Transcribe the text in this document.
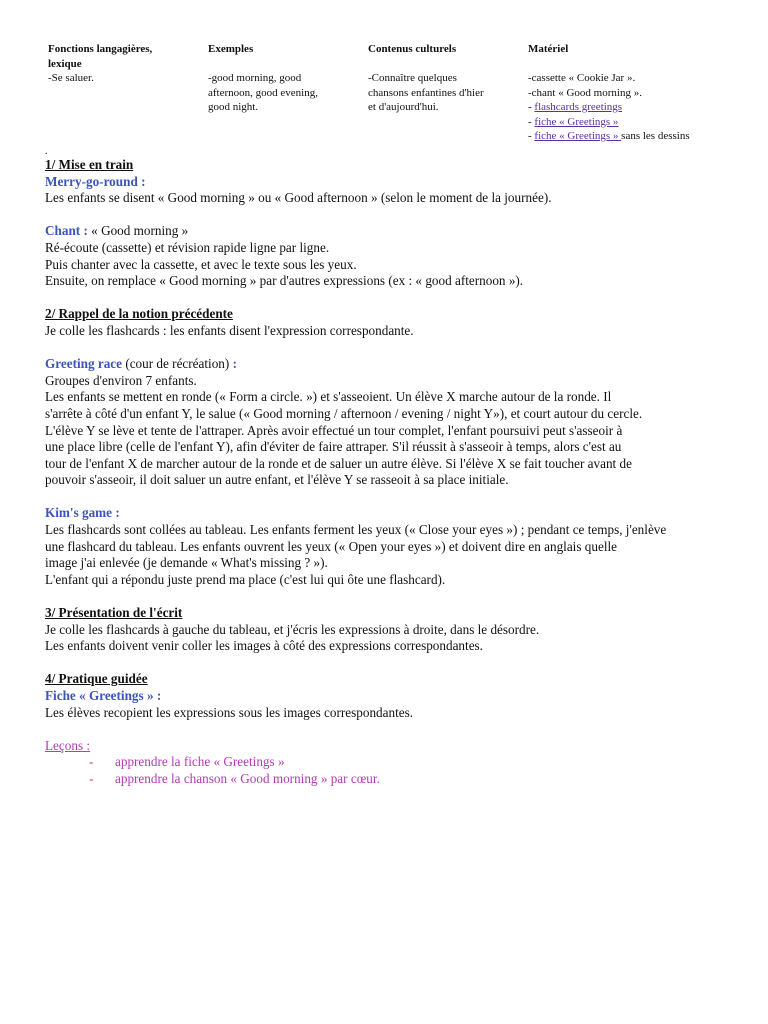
Fonctions langagières,
lexique
-Se saluer.
Exemples
-good morning, good
afternoon, good evening,
good night.
Contenus culturels
-Connaître quelques
chansons enfantines d'hier
et d'aujourd'hui.
Matériel
-cassette « Cookie Jar ».
-chant « Good morning ».
- flashcards greetings
- fiche « Greetings »
- fiche « Greetings » sans les dessins
.
1/ Mise en train
Merry-go-round :
Les enfants se disent « Good morning » ou « Good afternoon » (selon le moment de la journée).
Chant : « Good morning »
Ré-écoute (cassette) et révision rapide ligne par ligne.
Puis chanter avec la cassette, et avec le texte sous les yeux.
Ensuite, on remplace « Good morning » par d'autres expressions (ex : « good afternoon »).
2/ Rappel de la notion précédente
Je colle les flashcards : les enfants disent l'expression correspondante.
Greeting race (cour de récréation) :
Groupes d'environ 7 enfants.
Les enfants se mettent en ronde (« Form a circle. ») et s'asseoient. Un élève X marche autour de la ronde. Il
s'arrête à côté d'un enfant Y, le salue (« Good morning / afternoon / evening / night Y»), et court autour du cercle.
L'élève Y se lève et tente de l'attraper. Après avoir effectué un tour complet, l'enfant poursuivi peut s'asseoir à
une place libre (celle de l'enfant Y), afin d'éviter de faire attraper. S'il réussit à s'asseoir à temps, alors c'est au
tour de l'enfant X de marcher autour de la ronde et de saluer un autre élève. Si l'élève X se fait toucher avant de
pouvoir s'asseoir, il doit saluer un autre enfant, et l'élève Y se rasseoit à sa place initiale.
Kim's game :
Les flashcards sont collées au tableau. Les enfants ferment les yeux (« Close your eyes ») ; pendant ce temps, j'enlève
une flashcard du tableau. Les enfants ouvrent les yeux (« Open your eyes ») et doivent dire en anglais quelle
image j'ai enlevée (je demande « What's missing ? »).
L'enfant qui a répondu juste prend ma place (c'est lui qui ôte une flashcard).
3/ Présentation de l'écrit
Je colle les flashcards à gauche du tableau, et j'écris les expressions à droite, dans le désordre.
Les enfants doivent venir coller les images à côté des expressions correspondantes.
4/ Pratique guidée
Fiche « Greetings » :
Les élèves recopient les expressions sous les images correspondantes.
Leçons :
- apprendre la fiche « Greetings »
- apprendre la chanson « Good morning » par cœur.
